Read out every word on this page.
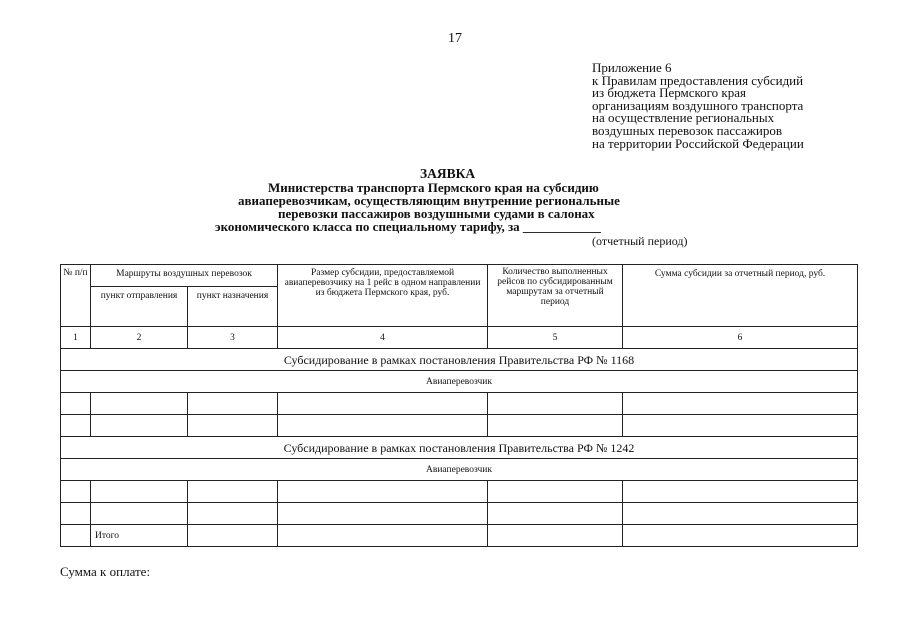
17
Приложение 6
к Правилам предоставления субсидий
из бюджета Пермского края
организациям воздушного транспорта
на осуществление региональных
воздушных перевозок пассажиров
на территории Российской Федерации
ЗАЯВКА
Министерства транспорта Пермского края на субсидию
авиаперевозчикам, осуществляющим внутренние региональные
перевозки пассажиров воздушными судами в салонах
экономического класса по специальному тарифу, за ____________
(отчетный период)
№ п/п	Маршруты воздушных перевозок		Размер субсидии, предоставляемой авиаперевозчику на 1 рейс в одном направлении из бюджета Пермского края, руб.	Количество выполненных рейсов по субсидированным маршрутам за отчетный период	Сумма субсидии за отчетный период, руб.
	пункт отправления	пункт назначения			
1	2	3	4	5	6
Субсидирование в рамках постановления Правительства РФ № 1168					
Авиаперевозчик					

Субсидирование в рамках постановления Правительства РФ № 1242					
Авиаперевозчик					

	Итого				
Сумма к оплате:
